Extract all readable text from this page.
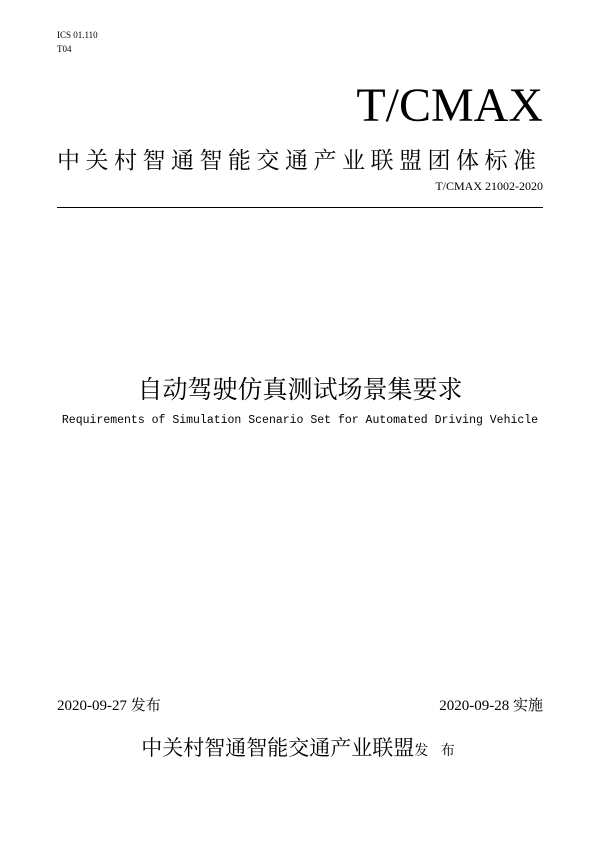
ICS 01.110
T04
T/CMAX
中关村智通智能交通产业联盟团体标准
T/CMAX 21002-2020
自动驾驶仿真测试场景集要求
Requirements of Simulation Scenario Set for Automated Driving Vehicle
2020-09-27 发布	2020-09-28 实施
中关村智通智能交通产业联盟发 布
